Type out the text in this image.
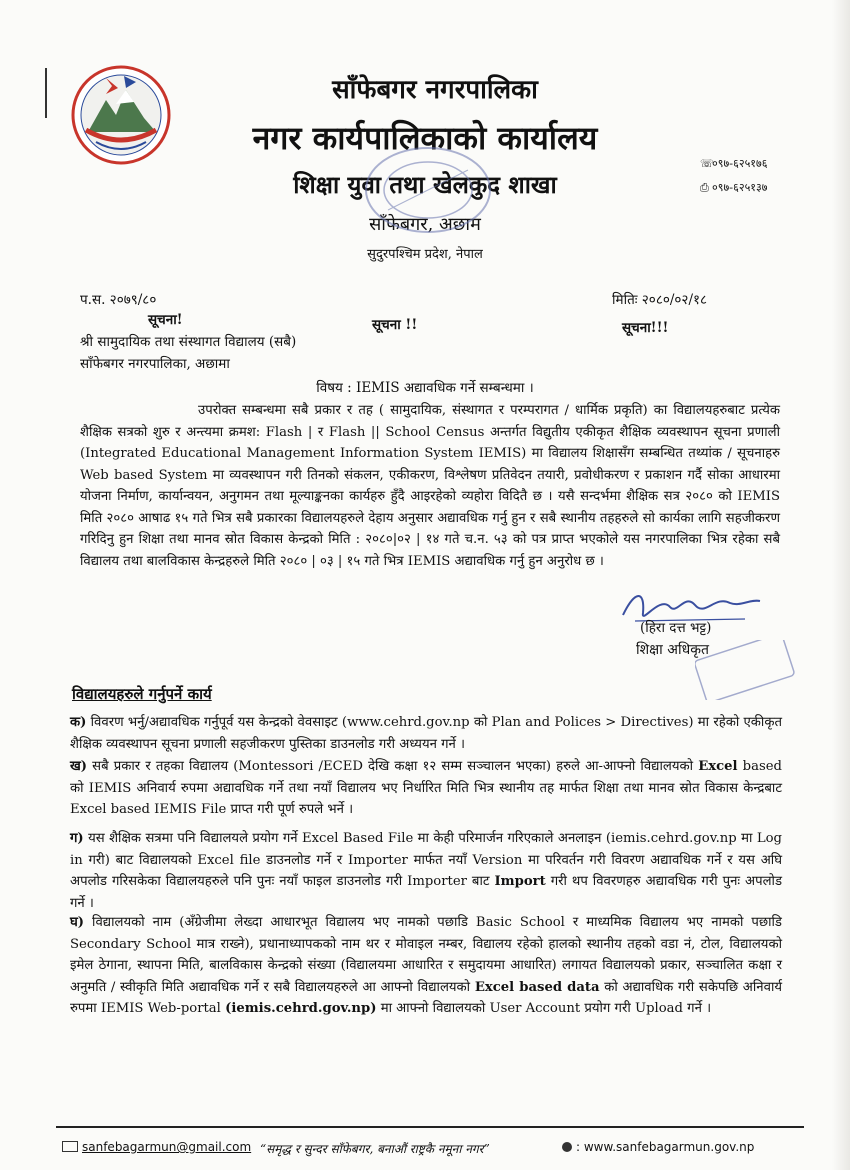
साँफेबगर नगरपालिका
नगर कार्यपालिकाको कार्यालय
शिक्षा युवा तथा खेलकुद शाखा
साँफेबगर, अछाम
सुदुरपश्चिम प्रदेश, नेपाल
☏०९७-६२५१७६
⎙ ०९७-६२५१३७
प.स. २०७९/८०	मितिः २०८०/०२/१८
सूचना!	सूचना !!	सूचना!!!
श्री सामुदायिक तथा संस्थागत विद्यालय (सबै)
साँफेबगर नगरपालिका, अछामा
विषय : IEMIS अद्यावधिक गर्ने सम्बन्धमा ।
उपरोक्त सम्बन्धमा सबै प्रकार र तह ( सामुदायिक, संस्थागत र परम्परागत / धार्मिक प्रकृति) का विद्यालयहरुबाट प्रत्येक शैक्षिक सत्रको शुरु र अन्त्यमा क्रमश: Flash | र Flash || School Census अन्तर्गत विद्युतीय एकीकृत शैक्षिक व्यवस्थापन सूचना प्रणाली (Integrated Educational Management Information System IEMIS) मा विद्यालय शिक्षासँग सम्बन्धित तथ्यांक / सूचनाहरु Web based System मा व्यवस्थापन गरी तिनको संकलन, एकीकरण, विश्लेषण प्रतिवेदन तयारी, प्रवोधीकरण र प्रकाशन गर्दै सोका आधारमा योजना निर्माण, कार्यान्वयन, अनुगमन तथा मूल्याङ्कनका कार्यहरु हुँदै आइरहेको व्यहोरा विदितै छ । यसै सन्दर्भमा शैक्षिक सत्र २०८० को IEMIS मिति २०८० आषाढ १५ गते भित्र सबै प्रकारका विद्यालयहरुले देहाय अनुसार अद्यावधिक गर्नु हुन र सबै स्थानीय तहहरुले सो कार्यका लागि सहजीकरण गरिदिनु हुन शिक्षा तथा मानव स्रोत विकास केन्द्रको मिति : २०८०|०२ | १४ गते च.न. ५३ को पत्र प्राप्त भएकोले यस नगरपालिका भित्र रहेका सबै विद्यालय तथा बालविकास केन्द्रहरुले मिति २०८० | ०३ | १५ गते भित्र IEMIS अद्यावधिक गर्नु हुन अनुरोध छ ।
(हिरा दत्त भट्ट)
शिक्षा अधिकृत
विद्यालयहरुले गर्नुपर्ने कार्य
क) विवरण भर्नु/अद्यावधिक गर्नुपूर्व यस केन्द्रको वेवसाइट (www.cehrd.gov.np को Plan and Polices > Directives) मा रहेको एकीकृत शैक्षिक व्यवस्थापन सूचना प्रणाली सहजीकरण पुस्तिका डाउनलोड गरी अध्ययन गर्ने ।
ख) सबै प्रकार र तहका विद्यालय (Montessori /ECED देखि कक्षा १२ सम्म सञ्चालन भएका) हरुले आ-आफ्नो विद्यालयको Excel based को IEMIS अनिवार्य रुपमा अद्यावधिक गर्ने तथा नयाँ विद्यालय भए निर्धारित मिति भित्र स्थानीय तह मार्फत शिक्षा तथा मानव स्रोत विकास केन्द्रबाट Excel based IEMIS File प्राप्त गरी पूर्ण रुपले भर्ने ।
ग) यस शैक्षिक सत्रमा पनि विद्यालयले प्रयोग गर्ने Excel Based File मा केही परिमार्जन गरिएकाले अनलाइन (iemis.cehrd.gov.np मा Log in गरी) बाट विद्यालयको Excel file डाउनलोड गर्ने र Importer मार्फत नयाँ Version मा परिवर्तन गरी विवरण अद्यावधिक गर्ने र यस अघि अपलोड गरिसकेका विद्यालयहरुले पनि पुनः नयाँ फाइल डाउनलोड गरी Importer बाट Import गरी थप विवरणहरु अद्यावधिक गरी पुनः अपलोड गर्ने ।
घ) विद्यालयको नाम (अँग्रेजीमा लेख्दा आधारभूत विद्यालय भए नामको पछाडि Basic School र माध्यमिक विद्यालय भए नामको पछाडि Secondary School मात्र राख्ने), प्रधानाध्यापकको नाम थर र मोवाइल नम्बर, विद्यालय रहेको हालको स्थानीय तहको वडा नं, टोल, विद्यालयको इमेल ठेगाना, स्थापना मिति, बालविकास केन्द्रको संख्या (विद्यालयमा आधारित र समुदायमा आधारित) लगायत विद्यालयको प्रकार, सञ्चालित कक्षा र अनुमति / स्वीकृति मिति अद्यावधिक गर्ने र सबै विद्यालयहरुले आ आफ्नो विद्यालयको Excel based data को अद्यावधिक गरी सकेपछि अनिवार्य रुपमा IEMIS Web-portal (iemis.cehrd.gov.np) मा आफ्नो विद्यालयको User Account प्रयोग गरी Upload गर्ने ।
sanfebagarmun@gmail.com “समृद्ध र सुन्दर साँफेबगर, बनाऔं राष्ट्रकै नमूना नगर”	: www.sanfebagarmun.gov.np
